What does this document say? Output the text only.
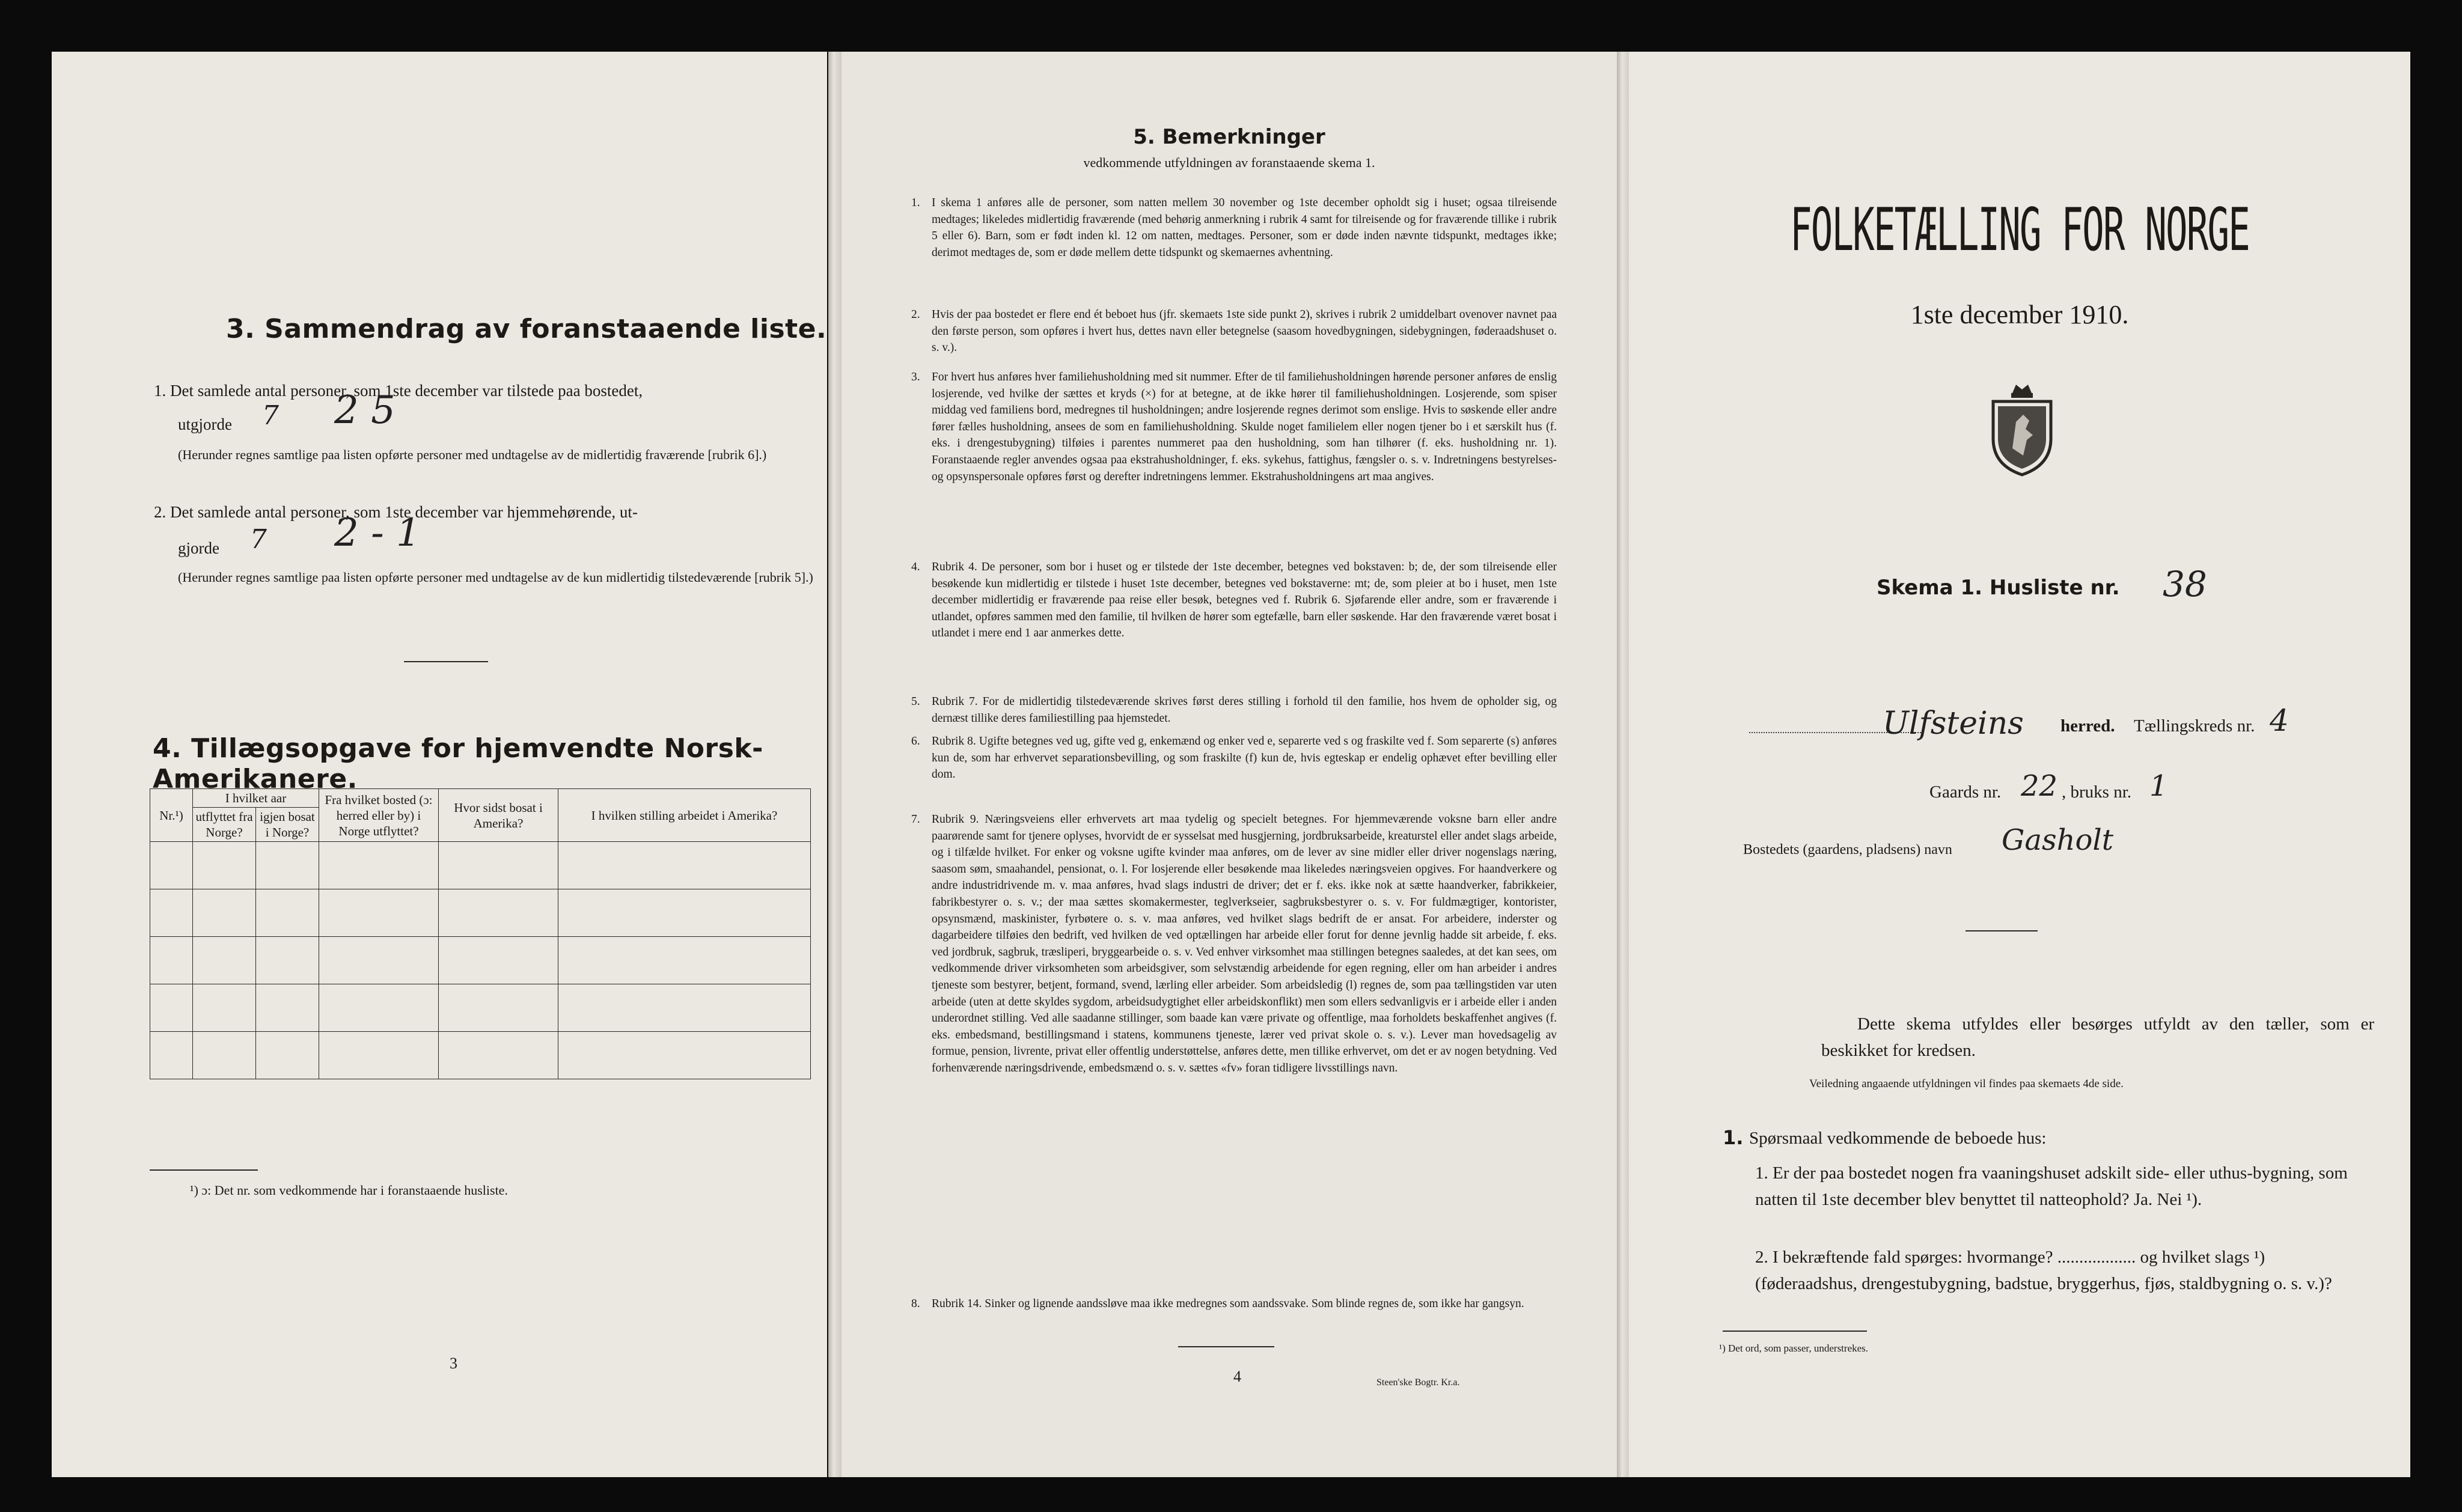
3. Sammendrag av foranstaaende liste.
1. Det samlede antal personer, som 1ste december var tilstede paa bostedet,
utgjorde 7 2 5
(Herunder regnes samtlige paa listen opførte personer med undtagelse av de midlertidig fraværende [rubrik 6].)
2. Det samlede antal personer, som 1ste december var hjemmehørende, ut-
gjorde 7 2 - 1
(Herunder regnes samtlige paa listen opførte personer med undtagelse av de kun midlertidig tilstedeværende [rubrik 5].)
4. Tillægsopgave for hjemvendte Norsk-Amerikanere.
Nr.¹)	I hvilket aar		Fra hvilket bosted (ɔ: herred eller by) i Norge utflyttet?	Hvor sidst bosat i Amerika?	I hvilken stilling arbeidet i Amerika?
	utflyttet fra Norge?	igjen bosat i Norge?			

¹) ɔ: Det nr. som vedkommende har i foranstaaende husliste.
3
5. Bemerkninger
vedkommende utfyldningen av foranstaaende skema 1.
1. I skema 1 anføres alle de personer, som natten mellem 30 november og 1ste december opholdt sig i huset; ogsaa tilreisende medtages; likeledes midlertidig fraværende (med behørig anmerkning i rubrik 4 samt for tilreisende og for fraværende tillike i rubrik 5 eller 6). Barn, som er født inden kl. 12 om natten, medtages. Personer, som er døde inden nævnte tidspunkt, medtages ikke; derimot medtages de, som er døde mellem dette tidspunkt og skemaernes avhentning.
2. Hvis der paa bostedet er flere end ét beboet hus (jfr. skemaets 1ste side punkt 2), skrives i rubrik 2 umiddelbart ovenover navnet paa den første person, som opføres i hvert hus, dettes navn eller betegnelse (saasom hovedbygningen, sidebygningen, føderaadshuset o. s. v.).
3. For hvert hus anføres hver familiehusholdning med sit nummer. Efter de til familiehusholdningen hørende personer anføres de enslig losjerende, ved hvilke der sættes et kryds (×) for at betegne, at de ikke hører til familiehusholdningen. Losjerende, som spiser middag ved familiens bord, medregnes til husholdningen; andre losjerende regnes derimot som enslige. Hvis to søskende eller andre fører fælles husholdning, ansees de som en familiehusholdning. Skulde noget familielem eller nogen tjener bo i et særskilt hus (f. eks. i drengestubygning) tilføies i parentes nummeret paa den husholdning, som han tilhører (f. eks. husholdning nr. 1). Foranstaaende regler anvendes ogsaa paa ekstrahusholdninger, f. eks. sykehus, fattighus, fængsler o. s. v. Indretningens bestyrelses- og opsynspersonale opføres først og derefter indretningens lemmer. Ekstrahusholdningens art maa angives.
4. Rubrik 4. De personer, som bor i huset og er tilstede der 1ste december, betegnes ved bokstaven: b; de, der som tilreisende eller besøkende kun midlertidig er tilstede i huset 1ste december, betegnes ved bokstaverne: mt; de, som pleier at bo i huset, men 1ste december midlertidig er fraværende paa reise eller besøk, betegnes ved f. Rubrik 6. Sjøfarende eller andre, som er fraværende i utlandet, opføres sammen med den familie, til hvilken de hører som egtefælle, barn eller søskende. Har den fraværende været bosat i utlandet i mere end 1 aar anmerkes dette.
5. Rubrik 7. For de midlertidig tilstedeværende skrives først deres stilling i forhold til den familie, hos hvem de opholder sig, og dernæst tillike deres familiestilling paa hjemstedet.
6. Rubrik 8. Ugifte betegnes ved ug, gifte ved g, enkemænd og enker ved e, separerte ved s og fraskilte ved f. Som separerte (s) anføres kun de, som har erhvervet separationsbevilling, og som fraskilte (f) kun de, hvis egteskap er endelig ophævet efter bevilling eller dom.
7. Rubrik 9. Næringsveiens eller erhvervets art maa tydelig og specielt betegnes. For hjemmeværende voksne barn eller andre paarørende samt for tjenere oplyses, hvorvidt de er sysselsat med husgjerning, jordbruksarbeide, kreaturstel eller andet slags arbeide, og i tilfælde hvilket. For enker og voksne ugifte kvinder maa anføres, om de lever av sine midler eller driver nogenslags næring, saasom søm, smaahandel, pensionat, o. l. For losjerende eller besøkende maa likeledes næringsveien opgives. For haandverkere og andre industridrivende m. v. maa anføres, hvad slags industri de driver; det er f. eks. ikke nok at sætte haandverker, fabrikkeier, fabrikbestyrer o. s. v.; der maa sættes skomakermester, teglverkseier, sagbruksbestyrer o. s. v. For fuldmægtiger, kontorister, opsynsmænd, maskinister, fyrbøtere o. s. v. maa anføres, ved hvilket slags bedrift de er ansat. For arbeidere, inderster og dagarbeidere tilføies den bedrift, ved hvilken de ved optællingen har arbeide eller forut for denne jevnlig hadde sit arbeide, f. eks. ved jordbruk, sagbruk, træsliperi, bryggearbeide o. s. v. Ved enhver virksomhet maa stillingen betegnes saaledes, at det kan sees, om vedkommende driver virksomheten som arbeidsgiver, som selvstændig arbeidende for egen regning, eller om han arbeider i andres tjeneste som bestyrer, betjent, formand, svend, lærling eller arbeider. Som arbeidsledig (l) regnes de, som paa tællingstiden var uten arbeide (uten at dette skyldes sygdom, arbeidsudygtighet eller arbeidskonflikt) men som ellers sedvanligvis er i arbeide eller i anden underordnet stilling. Ved alle saadanne stillinger, som baade kan være private og offentlige, maa forholdets beskaffenhet angives (f. eks. embedsmand, bestillingsmand i statens, kommunens tjeneste, lærer ved privat skole o. s. v.). Lever man hovedsagelig av formue, pension, livrente, privat eller offentlig understøttelse, anføres dette, men tillike erhvervet, om det er av nogen betydning. Ved forhenværende næringsdrivende, embedsmænd o. s. v. sættes «fv» foran tidligere livsstillings navn.
8. Rubrik 14. Sinker og lignende aandssløve maa ikke medregnes som aandssvake. Som blinde regnes de, som ikke har gangsyn.
4	Steen'ske Bogtr. Kr.a.
FOLKETÆLLING FOR NORGE
1ste december 1910.
Skema 1. Husliste nr. 38
Ulfsteins herred. Tællingskreds nr. 4
Gaards nr. 22 , bruks nr. 1
Bostedets (gaardens, pladsens) navn Gasholt
Dette skema utfyldes eller besørges utfyldt av den tæller, som er beskikket for kredsen.
Veiledning angaaende utfyldningen vil findes paa skemaets 4de side.
1. Spørsmaal vedkommende de beboede hus:
1. Er der paa bostedet nogen fra vaaningshuset adskilt side- eller uthus-bygning, som natten til 1ste december blev benyttet til natteophold? Ja. Nei ¹).
2. I bekræftende fald spørges: hvormange? .................. og hvilket slags ¹) (føderaadshus, drengestubygning, badstue, bryggerhus, fjøs, staldbygning o. s. v.)?
¹) Det ord, som passer, understrekes.
